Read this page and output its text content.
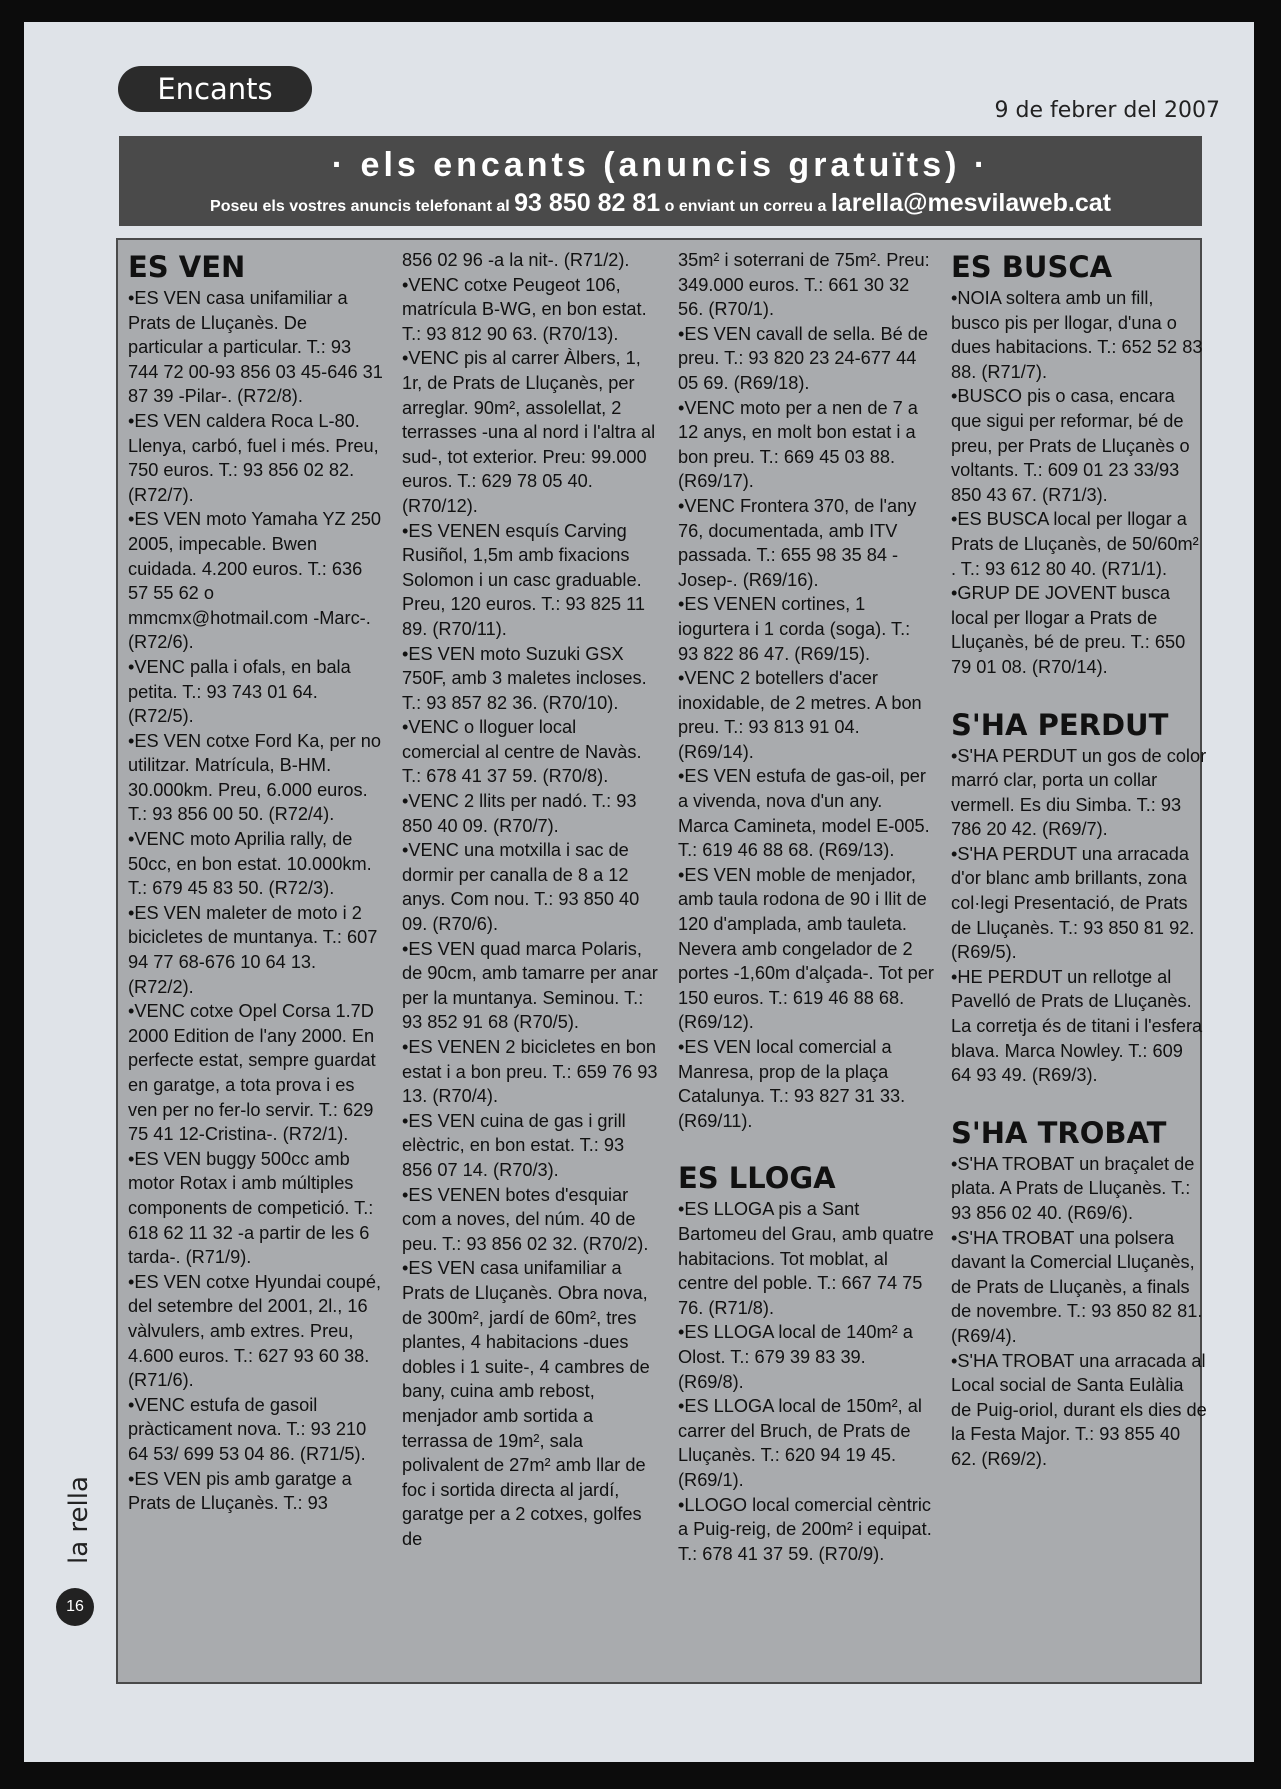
Encants
9 de febrer del 2007
· els encants (anuncis gratuïts) ·
Poseu els vostres anuncis telefonant al 93 850 82 81 o enviant un correu a larella@mesvilaweb.cat
ES VEN

•ES VEN casa unifamiliar a Prats de Lluçanès. De particular a particular. T.: 93 744 72 00-93 856 03 45-646 31 87 39 -Pilar-. (R72/8).

•ES VEN caldera Roca L-80. Llenya, carbó, fuel i més. Preu, 750 euros. T.: 93 856 02 82. (R72/7).

•ES VEN moto Yamaha YZ 250 2005, impecable. Bwen cuidada. 4.200 euros. T.: 636 57 55 62 o mmcmx@hotmail.com -Marc-. (R72/6).

•VENC palla i ofals, en bala petita. T.: 93 743 01 64. (R72/5).

•ES VEN cotxe Ford Ka, per no utilitzar. Matrícula, B-HM. 30.000km. Preu, 6.000 euros. T.: 93 856 00 50. (R72/4).

•VENC moto Aprilia rally, de 50cc, en bon estat. 10.000km. T.: 679 45 83 50. (R72/3).

•ES VEN maleter de moto i 2 bicicletes de muntanya. T.: 607 94 77 68-676 10 64 13. (R72/2).

•VENC cotxe Opel Corsa 1.7D 2000 Edition de l'any 2000. En perfecte estat, sempre guardat en garatge, a tota prova i es ven per no fer-lo servir. T.: 629 75 41 12-Cristina-. (R72/1).

•ES VEN buggy 500cc amb motor Rotax i amb múltiples components de competició. T.: 618 62 11 32 -a partir de les 6 tarda-. (R71/9).

•ES VEN cotxe Hyundai coupé, del setembre del 2001, 2l., 16 vàlvulers, amb extres. Preu, 4.600 euros. T.: 627 93 60 38. (R71/6).

•VENC estufa de gasoil pràcticament nova. T.: 93 210 64 53/ 699 53 04 86. (R71/5).

•ES VEN pis amb garatge a Prats de Lluçanès. T.: 93

856 02 96 -a la nit-. (R71/2).

•VENC cotxe Peugeot 106, matrícula B-WG, en bon estat. T.: 93 812 90 63. (R70/13).

•VENC pis al carrer Àlbers, 1, 1r, de Prats de Lluçanès, per arreglar. 90m², assolellat, 2 terrasses -una al nord i l'altra al sud-, tot exterior. Preu: 99.000 euros. T.: 629 78 05 40. (R70/12).

•ES VENEN esquís Carving Rusiñol, 1,5m amb fixacions Solomon i un casc graduable. Preu, 120 euros. T.: 93 825 11 89. (R70/11).

•ES VEN moto Suzuki GSX 750F, amb 3 maletes incloses. T.: 93 857 82 36. (R70/10).

•VENC o lloguer local comercial al centre de Navàs. T.: 678 41 37 59. (R70/8).

•VENC 2 llits per nadó. T.: 93 850 40 09. (R70/7).

•VENC una motxilla i sac de dormir per canalla de 8 a 12 anys. Com nou. T.: 93 850 40 09. (R70/6).

•ES VEN quad marca Polaris, de 90cm, amb tamarre per anar per la muntanya. Seminou. T.: 93 852 91 68 (R70/5).

•ES VENEN 2 bicicletes en bon estat i a bon preu. T.: 659 76 93 13. (R70/4).

•ES VEN cuina de gas i grill elèctric, en bon estat. T.: 93 856 07 14. (R70/3).

•ES VENEN botes d'esquiar com a noves, del núm. 40 de peu. T.: 93 856 02 32. (R70/2).

•ES VEN casa unifamiliar a Prats de Lluçanès. Obra nova, de 300m², jardí de 60m², tres plantes, 4 habitacions -dues dobles i 1 suite-, 4 cambres de bany, cuina amb rebost, menjador amb sortida a terrassa de 19m², sala polivalent de 27m² amb llar de foc i sortida directa al jardí, garatge per a 2 cotxes, golfes de

35m² i soterrani de 75m². Preu: 349.000 euros. T.: 661 30 32 56. (R70/1).

•ES VEN cavall de sella. Bé de preu. T.: 93 820 23 24-677 44 05 69. (R69/18).

•VENC moto per a nen de 7 a 12 anys, en molt bon estat i a bon preu. T.: 669 45 03 88. (R69/17).

•VENC Frontera 370, de l'any 76, documentada, amb ITV passada. T.: 655 98 35 84 -Josep-. (R69/16).

•ES VENEN cortines, 1 iogurtera i 1 corda (soga). T.: 93 822 86 47. (R69/15).

•VENC 2 botellers d'acer inoxidable, de 2 metres. A bon preu. T.: 93 813 91 04. (R69/14).

•ES VEN estufa de gas-oil, per a vivenda, nova d'un any. Marca Camineta, model E-005. T.: 619 46 88 68. (R69/13).

•ES VEN moble de menjador, amb taula rodona de 90 i llit de 120 d'amplada, amb tauleta. Nevera amb congelador de 2 portes -1,60m d'alçada-. Tot per 150 euros. T.: 619 46 88 68. (R69/12).

•ES VEN local comercial a Manresa, prop de la plaça Catalunya. T.: 93 827 31 33. (R69/11).

ES LLOGA

•ES LLOGA pis a Sant Bartomeu del Grau, amb quatre habitacions. Tot moblat, al centre del poble. T.: 667 74 75 76. (R71/8).

•ES LLOGA local de 140m² a Olost. T.: 679 39 83 39. (R69/8).

•ES LLOGA local de 150m², al carrer del Bruch, de Prats de Lluçanès. T.: 620 94 19 45. (R69/1).

•LLOGO local comercial cèntric a Puig-reig, de 200m² i equipat. T.: 678 41 37 59. (R70/9).

ES BUSCA

•NOIA soltera amb un fill, busco pis per llogar, d'una o dues habitacions. T.: 652 52 83 88. (R71/7).

•BUSCO pis o casa, encara que sigui per reformar, bé de preu, per Prats de Lluçanès o voltants. T.: 609 01 23 33/93 850 43 67. (R71/3).

•ES BUSCA local per llogar a Prats de Lluçanès, de 50/60m² . T.: 93 612 80 40. (R71/1).

•GRUP DE JOVENT busca local per llogar a Prats de Lluçanès, bé de preu. T.: 650 79 01 08. (R70/14).

S'HA PERDUT

•S'HA PERDUT un gos de color marró clar, porta un collar vermell. Es diu Simba. T.: 93 786 20 42. (R69/7).

•S'HA PERDUT una arracada d'or blanc amb brillants, zona col·legi Presentació, de Prats de Lluçanès. T.: 93 850 81 92. (R69/5).

•HE PERDUT un rellotge al Pavelló de Prats de Lluçanès. La corretja és de titani i l'esfera blava. Marca Nowley. T.: 609 64 93 49. (R69/3).

S'HA TROBAT

•S'HA TROBAT un braçalet de plata. A Prats de Lluçanès. T.: 93 856 02 40. (R69/6).

•S'HA TROBAT una polsera davant la Comercial Lluçanès, de Prats de Lluçanès, a finals de novembre. T.: 93 850 82 81. (R69/4).

•S'HA TROBAT una arracada al Local social de Santa Eulàlia de Puig-oriol, durant els dies de la Festa Major. T.: 93 855 40 62. (R69/2).

la rella
16
